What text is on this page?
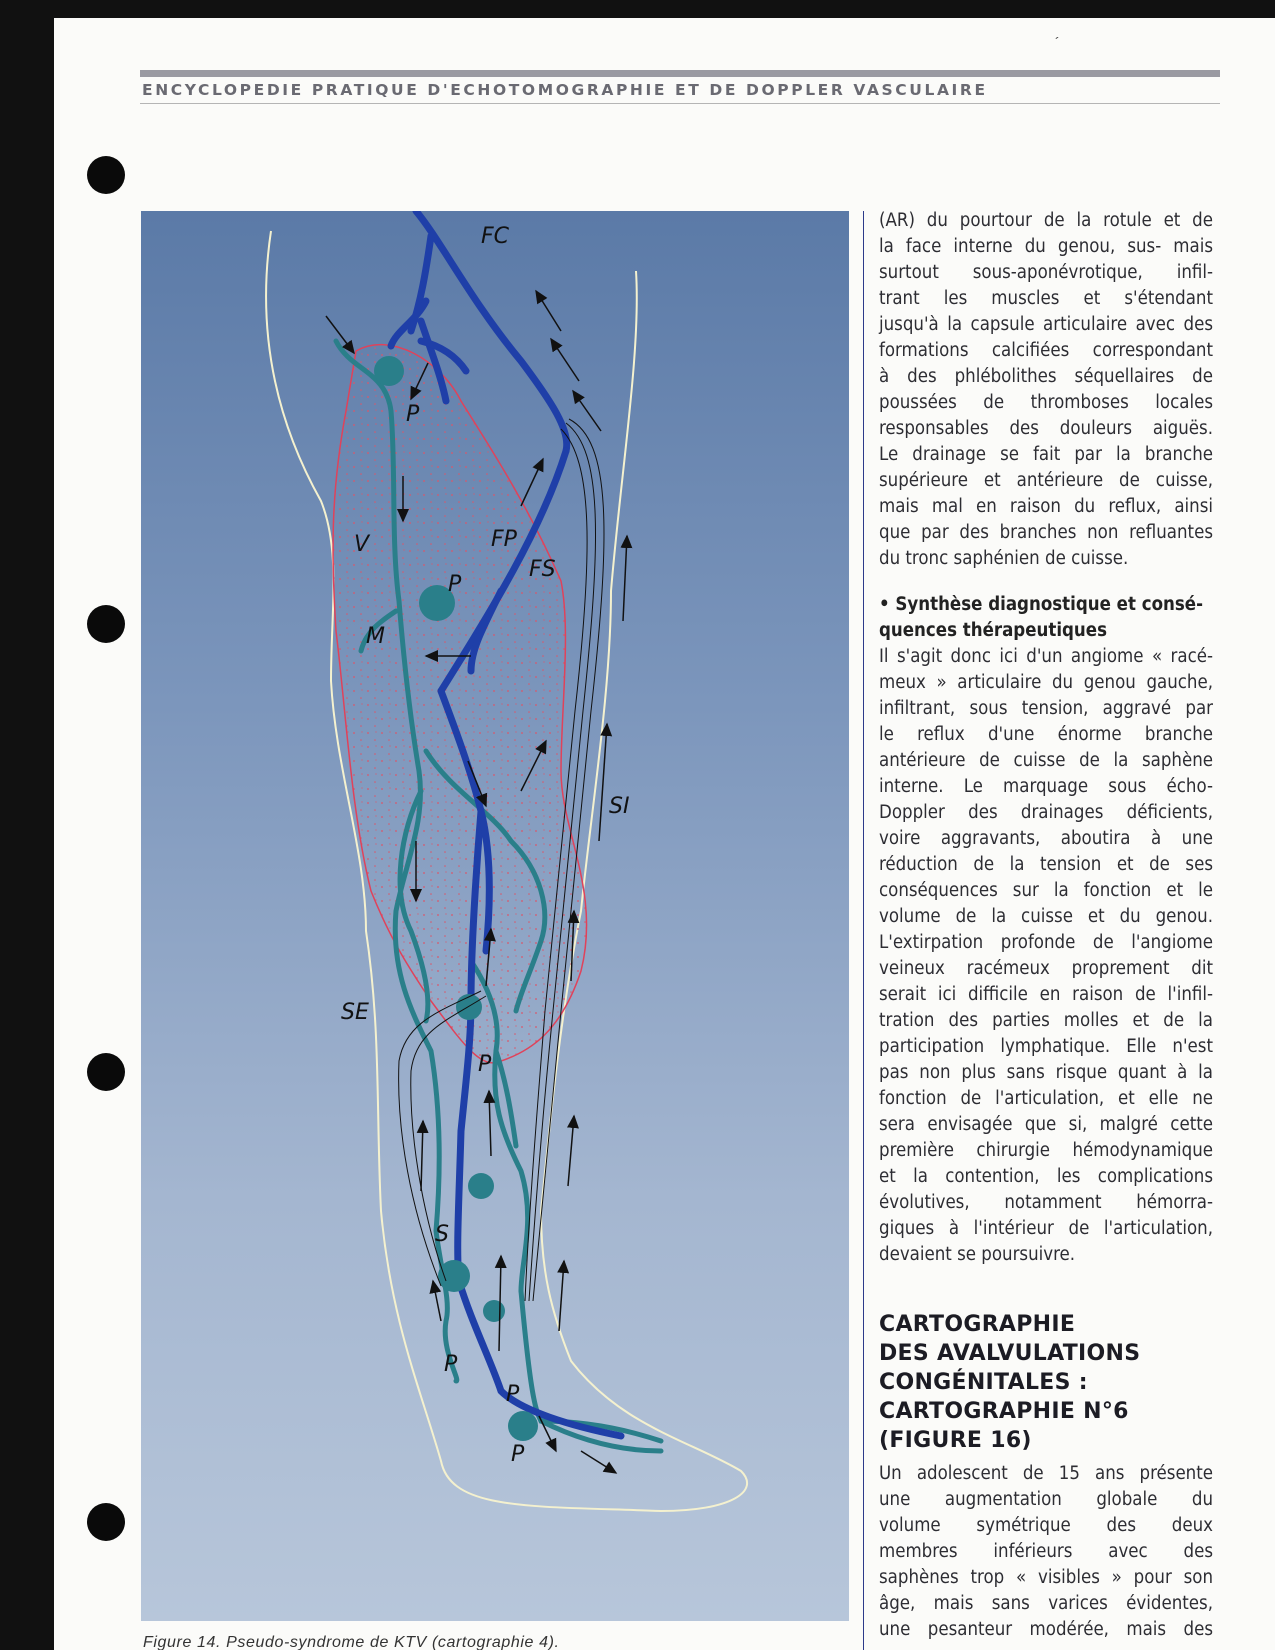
´
ENCYCLOPEDIE PRATIQUE D'ECHOTOMOGRAPHIE ET DE DOPPLER VASCULAIRE
FC
P
V	FP
FS
P
M
SI
SE
P
S
P
P
P
Figure 14. Pseudo-syndrome de KTV (cartographie 4).

(AR) du pourtour de la rotule et de

la face interne du genou, sus- mais

surtout sous-aponévrotique, infil-

trant les muscles et s'étendant

jusqu'à la capsule articulaire avec des

formations calcifiées correspondant

à des phlébolithes séquellaires de

poussées de thromboses locales

responsables des douleurs aiguës.

Le drainage se fait par la branche

supérieure et antérieure de cuisse,

mais mal en raison du reflux, ainsi

que par des branches non refluantes

du tronc saphénien de cuisse.

• Synthèse diagnostique et consé-

quences thérapeutiques

Il s'agit donc ici d'un angiome « racé-

meux » articulaire du genou gauche,

infiltrant, sous tension, aggravé par

le reflux d'une énorme branche

antérieure de cuisse de la saphène

interne. Le marquage sous écho-

Doppler des drainages déficients,

voire aggravants, aboutira à une

réduction de la tension et de ses

conséquences sur la fonction et le

volume de la cuisse et du genou.

L'extirpation profonde de l'angiome

veineux racémeux proprement dit

serait ici difficile en raison de l'infil-

tration des parties molles et de la

participation lymphatique. Elle n'est

pas non plus sans risque quant à la

fonction de l'articulation, et elle ne

sera envisagée que si, malgré cette

première chirurgie hémodynamique

et la contention, les complications

évolutives, notamment hémorra-

giques à l'intérieur de l'articulation,

devaient se poursuivre.

CARTOGRAPHIE
DES AVALVULATIONS
CONGÉNITALES :
CARTOGRAPHIE N°6
(FIGURE 16)

Un adolescent de 15 ans présente

une augmentation globale du

volume symétrique des deux

membres inférieurs avec des

saphènes trop « visibles » pour son

âge, mais sans varices évidentes,

une pesanteur modérée, mais des
